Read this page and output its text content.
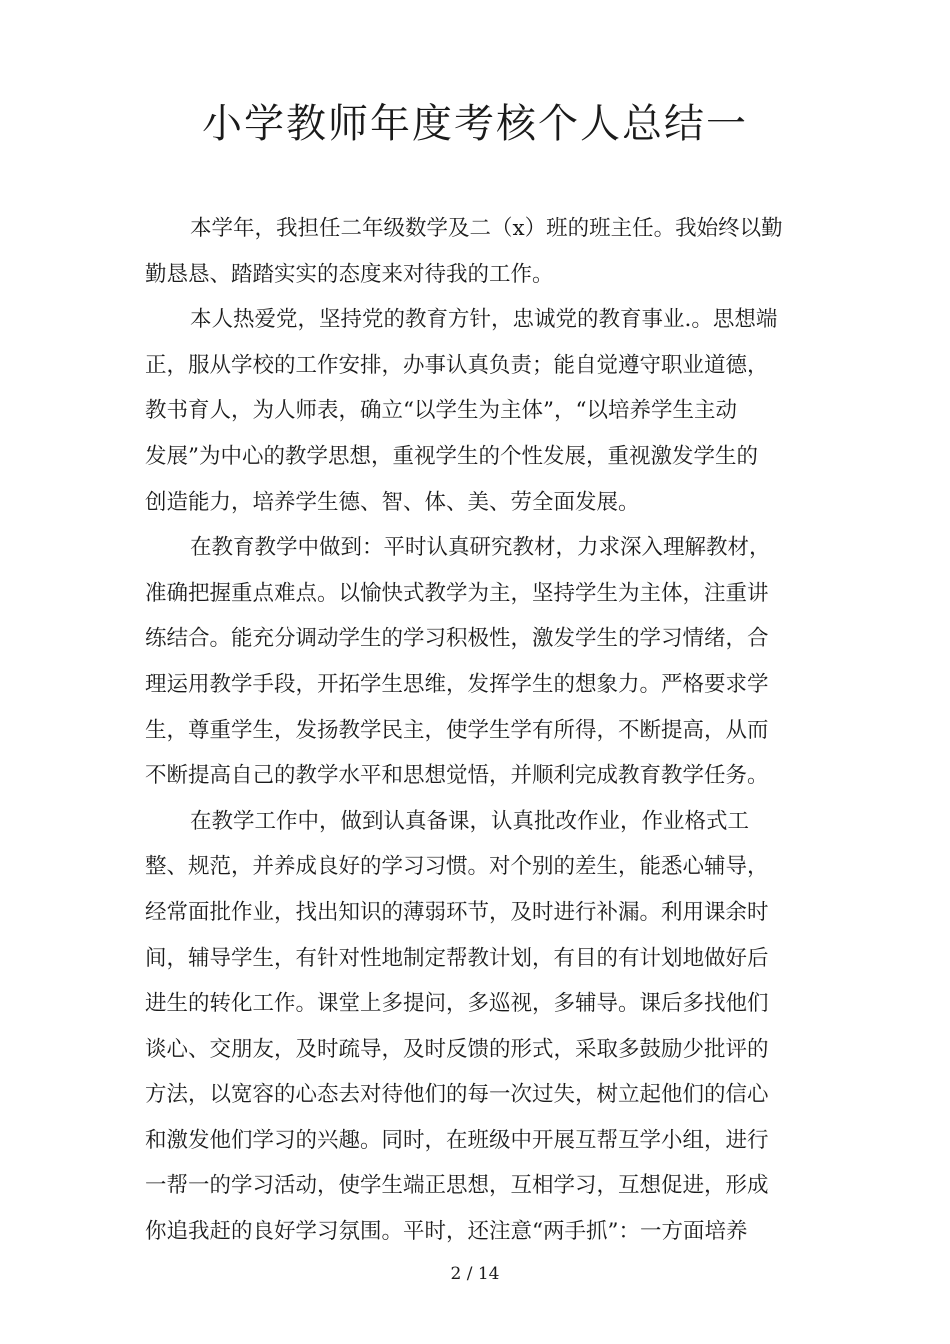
小学教师年度考核个人总结一
本学年，我担任二年级数学及二（x）班的班主任。我始终以勤
勤恳恳、踏踏实实的态度来对待我的工作。
本人热爱党，坚持党的教育方针，忠诚党的教育事业.。思想端
正，服从学校的工作安排，办事认真负责；能自觉遵守职业道德，
教书育人，为人师表，确立“以学生为主体”，“以培养学生主动
发展”为中心的教学思想，重视学生的个性发展，重视激发学生的
创造能力，培养学生德、智、体、美、劳全面发展。
在教育教学中做到：平时认真研究教材，力求深入理解教材，
准确把握重点难点。以愉快式教学为主，坚持学生为主体，注重讲
练结合。能充分调动学生的学习积极性，激发学生的学习情绪，合
理运用教学手段，开拓学生思维，发挥学生的想象力。严格要求学
生，尊重学生，发扬教学民主，使学生学有所得，不断提高，从而
不断提高自己的教学水平和思想觉悟，并顺利完成教育教学任务。
在教学工作中，做到认真备课，认真批改作业，作业格式工
整、规范，并养成良好的学习习惯。对个别的差生，能悉心辅导，
经常面批作业，找出知识的薄弱环节，及时进行补漏。利用课余时
间，辅导学生，有针对性地制定帮教计划，有目的有计划地做好后
进生的转化工作。课堂上多提问，多巡视，多辅导。课后多找他们
谈心、交朋友，及时疏导，及时反馈的形式，采取多鼓励少批评的
方法，以宽容的心态去对待他们的每一次过失，树立起他们的信心
和激发他们学习的兴趣。同时，在班级中开展互帮互学小组，进行
一帮一的学习活动，使学生端正思想，互相学习，互想促进，形成
你追我赶的良好学习氛围。平时，还注意“两手抓”：一方面培养
2 / 14
